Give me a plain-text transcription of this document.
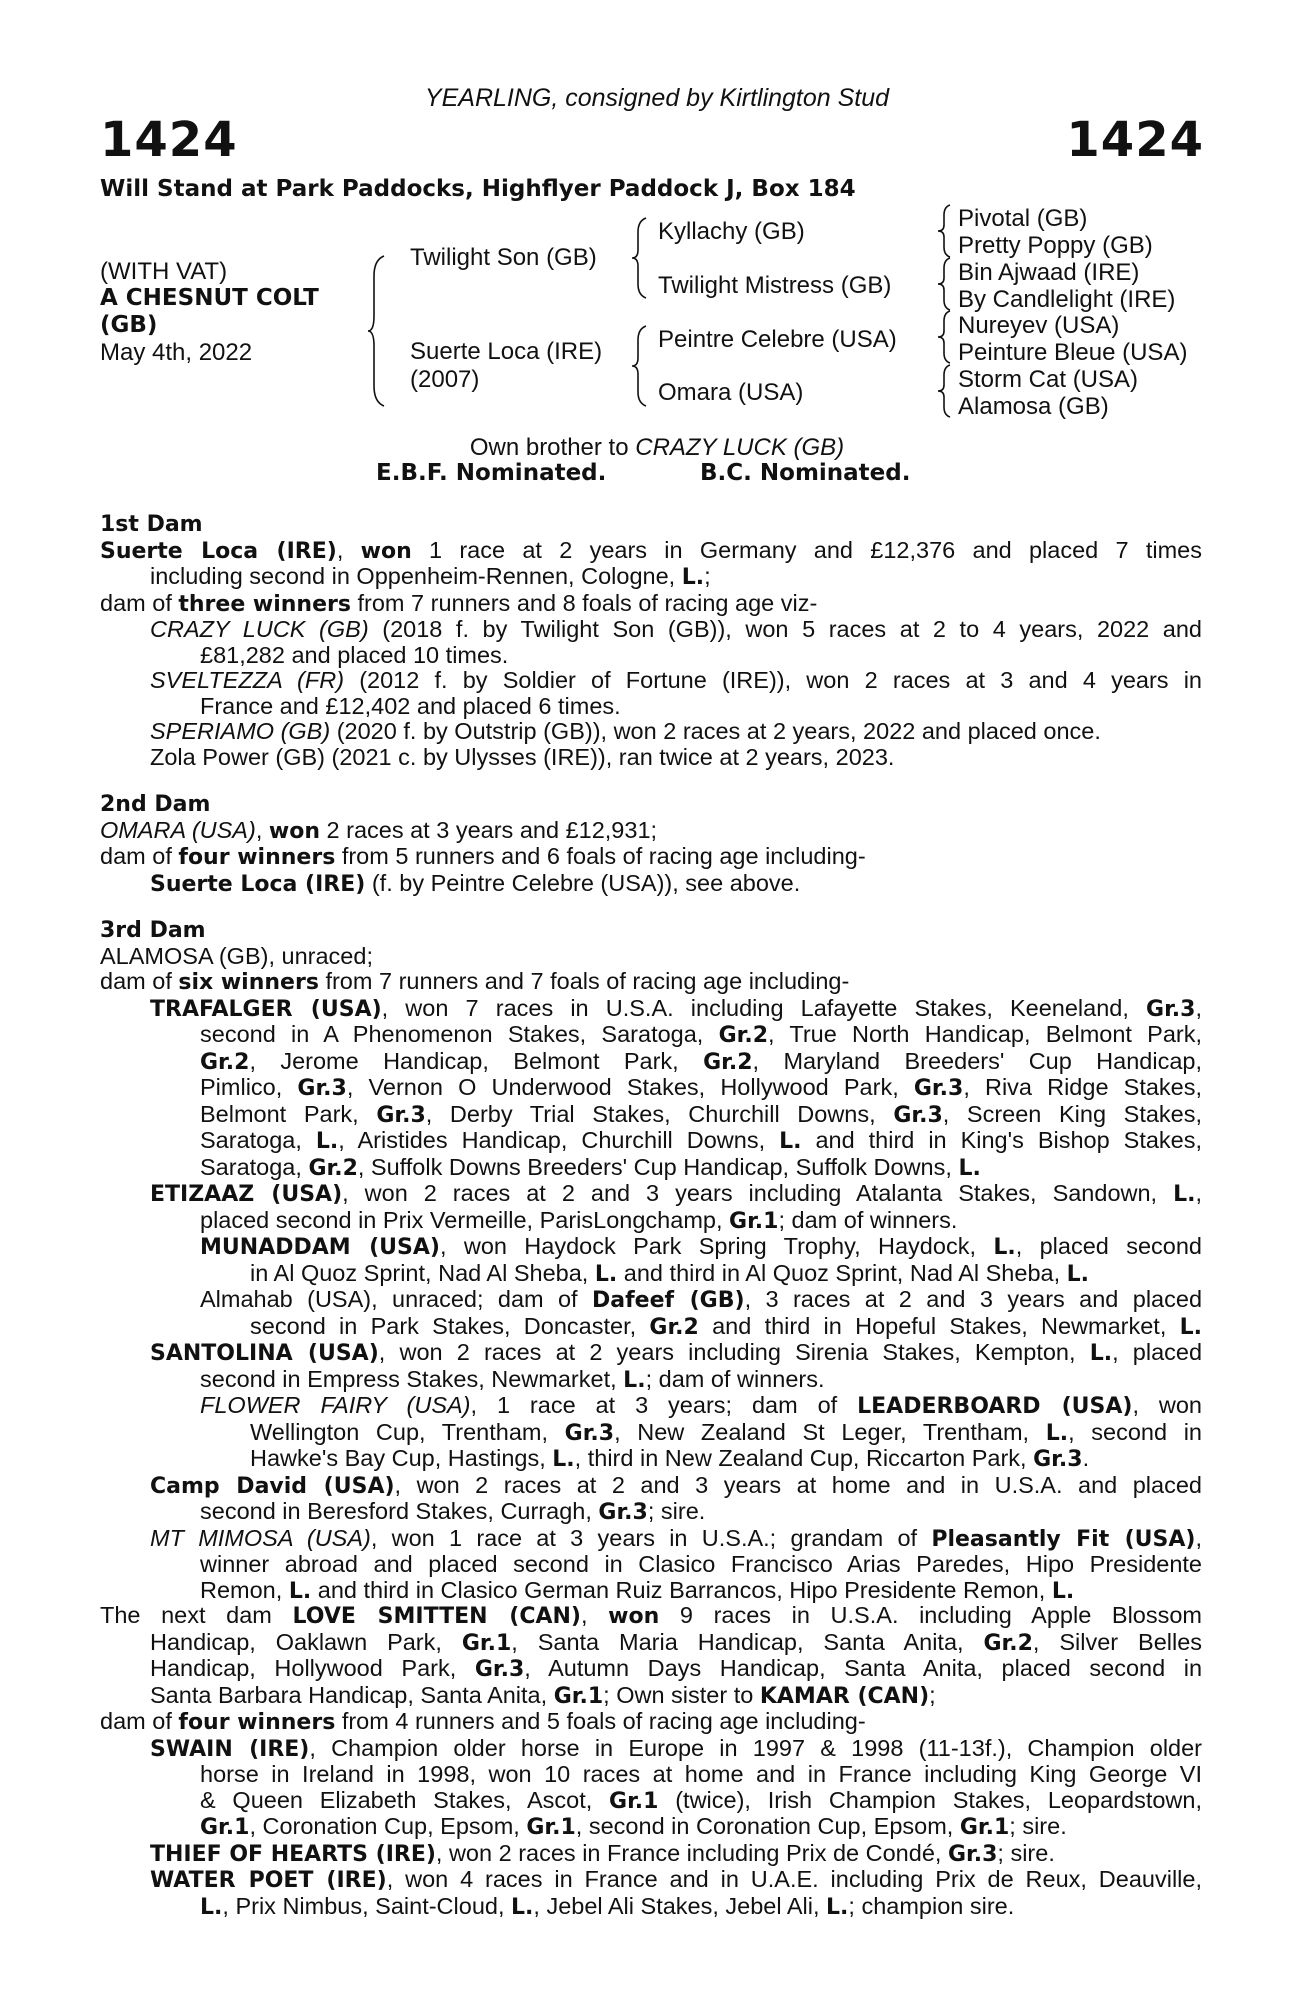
YEARLING, consigned by Kirtlington Stud
1424	1424
Will Stand at Park Paddocks, Highflyer Paddock J, Box 184
(WITH VAT)
A CHESNUT COLT
(GB)
May 4th, 2022
Twilight Son (GB)
Suerte Loca (IRE)
(2007)
Kyllachy (GB)
Twilight Mistress (GB)
Peintre Celebre (USA)
Omara (USA)
Pivotal (GB)
Pretty Poppy (GB)
Bin Ajwaad (IRE)
By Candlelight (IRE)
Nureyev (USA)
Peinture Bleue (USA)
Storm Cat (USA)
Alamosa (GB)
Own brother to CRAZY LUCK (GB)
E.B.F. Nominated.	B.C. Nominated.
1st Dam
Suerte Loca (IRE), won 1 race at 2 years in Germany and £12,376 and placed 7 times
including second in Oppenheim-Rennen, Cologne, L.;
dam of three winners from 7 runners and 8 foals of racing age viz-
CRAZY LUCK (GB) (2018 f. by Twilight Son (GB)), won 5 races at 2 to 4 years, 2022 and
£81,282 and placed 10 times.
SVELTEZZA (FR) (2012 f. by Soldier of Fortune (IRE)), won 2 races at 3 and 4 years in
France and £12,402 and placed 6 times.
SPERIAMO (GB) (2020 f. by Outstrip (GB)), won 2 races at 2 years, 2022 and placed once.
Zola Power (GB) (2021 c. by Ulysses (IRE)), ran twice at 2 years, 2023.
2nd Dam
OMARA (USA), won 2 races at 3 years and £12,931;
dam of four winners from 5 runners and 6 foals of racing age including-
Suerte Loca (IRE) (f. by Peintre Celebre (USA)), see above.
3rd Dam
ALAMOSA (GB), unraced;
dam of six winners from 7 runners and 7 foals of racing age including-
TRAFALGER (USA), won 7 races in U.S.A. including Lafayette Stakes, Keeneland, Gr.3,
second in A Phenomenon Stakes, Saratoga, Gr.2, True North Handicap, Belmont Park,
Gr.2, Jerome Handicap, Belmont Park, Gr.2, Maryland Breeders' Cup Handicap,
Pimlico, Gr.3, Vernon O Underwood Stakes, Hollywood Park, Gr.3, Riva Ridge Stakes,
Belmont Park, Gr.3, Derby Trial Stakes, Churchill Downs, Gr.3, Screen King Stakes,
Saratoga, L., Aristides Handicap, Churchill Downs, L. and third in King's Bishop Stakes,
Saratoga, Gr.2, Suffolk Downs Breeders' Cup Handicap, Suffolk Downs, L.
ETIZAAZ (USA), won 2 races at 2 and 3 years including Atalanta Stakes, Sandown, L.,
placed second in Prix Vermeille, ParisLongchamp, Gr.1; dam of winners.
MUNADDAM (USA), won Haydock Park Spring Trophy, Haydock, L., placed second
in Al Quoz Sprint, Nad Al Sheba, L. and third in Al Quoz Sprint, Nad Al Sheba, L.
Almahab (USA), unraced; dam of Dafeef (GB), 3 races at 2 and 3 years and placed
second in Park Stakes, Doncaster, Gr.2 and third in Hopeful Stakes, Newmarket, L.
SANTOLINA (USA), won 2 races at 2 years including Sirenia Stakes, Kempton, L., placed
second in Empress Stakes, Newmarket, L.; dam of winners.
FLOWER FAIRY (USA), 1 race at 3 years; dam of LEADERBOARD (USA), won
Wellington Cup, Trentham, Gr.3, New Zealand St Leger, Trentham, L., second in
Hawke's Bay Cup, Hastings, L., third in New Zealand Cup, Riccarton Park, Gr.3.
Camp David (USA), won 2 races at 2 and 3 years at home and in U.S.A. and placed
second in Beresford Stakes, Curragh, Gr.3; sire.
MT MIMOSA (USA), won 1 race at 3 years in U.S.A.; grandam of Pleasantly Fit (USA),
winner abroad and placed second in Clasico Francisco Arias Paredes, Hipo Presidente
Remon, L. and third in Clasico German Ruiz Barrancos, Hipo Presidente Remon, L.
The next dam LOVE SMITTEN (CAN), won 9 races in U.S.A. including Apple Blossom
Handicap, Oaklawn Park, Gr.1, Santa Maria Handicap, Santa Anita, Gr.2, Silver Belles
Handicap, Hollywood Park, Gr.3, Autumn Days Handicap, Santa Anita, placed second in
Santa Barbara Handicap, Santa Anita, Gr.1; Own sister to KAMAR (CAN);
dam of four winners from 4 runners and 5 foals of racing age including-
SWAIN (IRE), Champion older horse in Europe in 1997 & 1998 (11-13f.), Champion older
horse in Ireland in 1998, won 10 races at home and in France including King George VI
& Queen Elizabeth Stakes, Ascot, Gr.1 (twice), Irish Champion Stakes, Leopardstown,
Gr.1, Coronation Cup, Epsom, Gr.1, second in Coronation Cup, Epsom, Gr.1; sire.
THIEF OF HEARTS (IRE), won 2 races in France including Prix de Condé, Gr.3; sire.
WATER POET (IRE), won 4 races in France and in U.A.E. including Prix de Reux, Deauville,
L., Prix Nimbus, Saint-Cloud, L., Jebel Ali Stakes, Jebel Ali, L.; champion sire.
